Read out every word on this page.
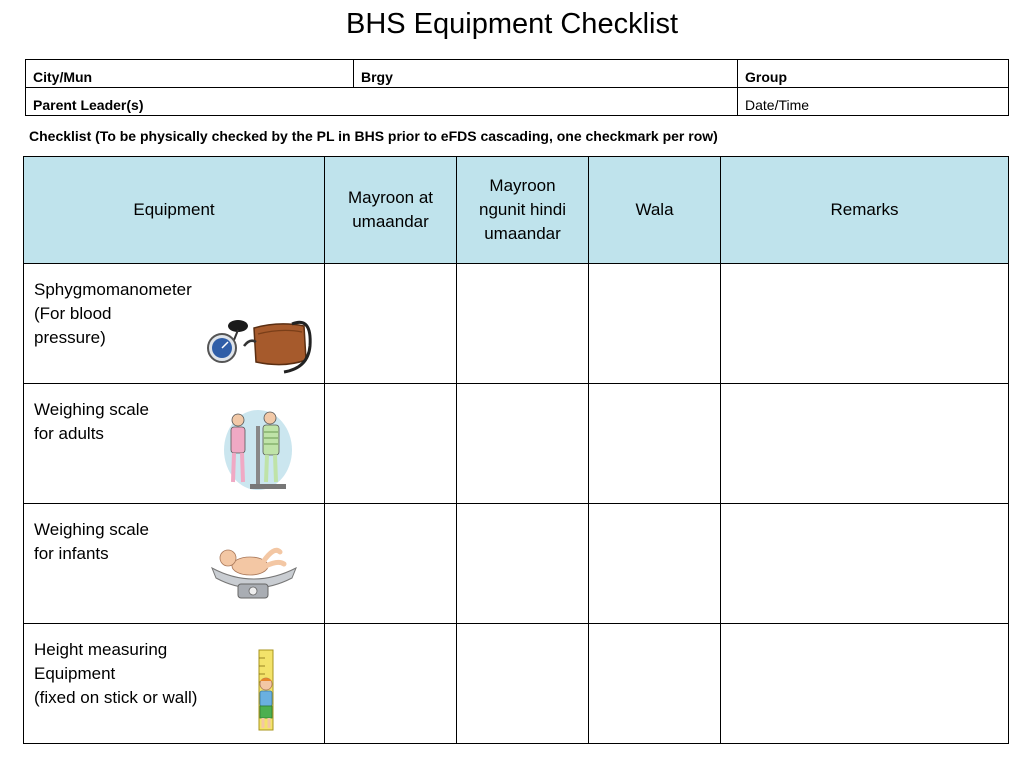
BHS Equipment Checklist
City/Mun	Brgy	Group
Parent Leader(s)		Date/Time
Checklist (To be physically checked by the PL in BHS prior to eFDS cascading, one checkmark per row)
Equipment	Mayroon at umaandar	Mayroon ngunit hindi umaandar	Wala	Remarks

Sphygmomanometer
(For blood
pressure)				

Weighing scale
for adults				

Weighing scale
for infants				

Height measuring
Equipment
(fixed on stick or wall)				
